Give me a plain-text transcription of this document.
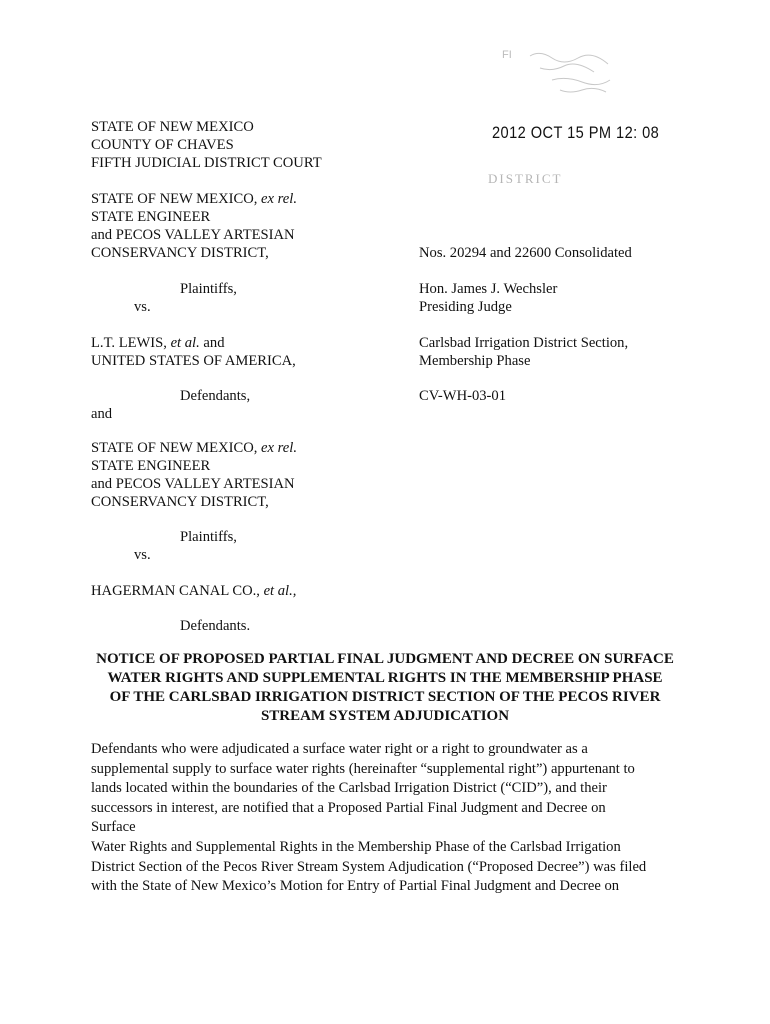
FI
2012 OCT 15 PM 12: 08
DISTRICT
STATE OF NEW MEXICO
COUNTY OF CHAVES
FIFTH JUDICIAL DISTRICT COURT
STATE OF NEW MEXICO, ex rel.
STATE ENGINEER
and PECOS VALLEY ARTESIAN
CONSERVANCY DISTRICT,
Plaintiffs,
vs.
L.T. LEWIS, et al. and
UNITED STATES OF AMERICA,
Defendants,
and
Nos. 20294 and 22600 Consolidated
Hon. James J. Wechsler
Presiding Judge
Carlsbad Irrigation District Section,
Membership Phase
CV-WH-03-01
STATE OF NEW MEXICO, ex rel.
STATE ENGINEER
and PECOS VALLEY ARTESIAN
CONSERVANCY DISTRICT,
Plaintiffs,
vs.
HAGERMAN CANAL CO., et al.,
Defendants.
NOTICE OF PROPOSED PARTIAL FINAL JUDGMENT AND DECREE ON SURFACE
WATER RIGHTS AND SUPPLEMENTAL RIGHTS IN THE MEMBERSHIP PHASE
OF THE CARLSBAD IRRIGATION DISTRICT SECTION OF THE PECOS RIVER
STREAM SYSTEM ADJUDICATION
Defendants who were adjudicated a surface water right or a right to groundwater as a
supplemental supply to surface water rights (hereinafter “supplemental right”) appurtenant to
lands located within the boundaries of the Carlsbad Irrigation District (“CID”), and their
successors in interest, are notified that a Proposed Partial Final Judgment and Decree on Surface
Water Rights and Supplemental Rights in the Membership Phase of the Carlsbad Irrigation
District Section of the Pecos River Stream System Adjudication (“Proposed Decree”) was filed
with the State of New Mexico’s Motion for Entry of Partial Final Judgment and Decree on
